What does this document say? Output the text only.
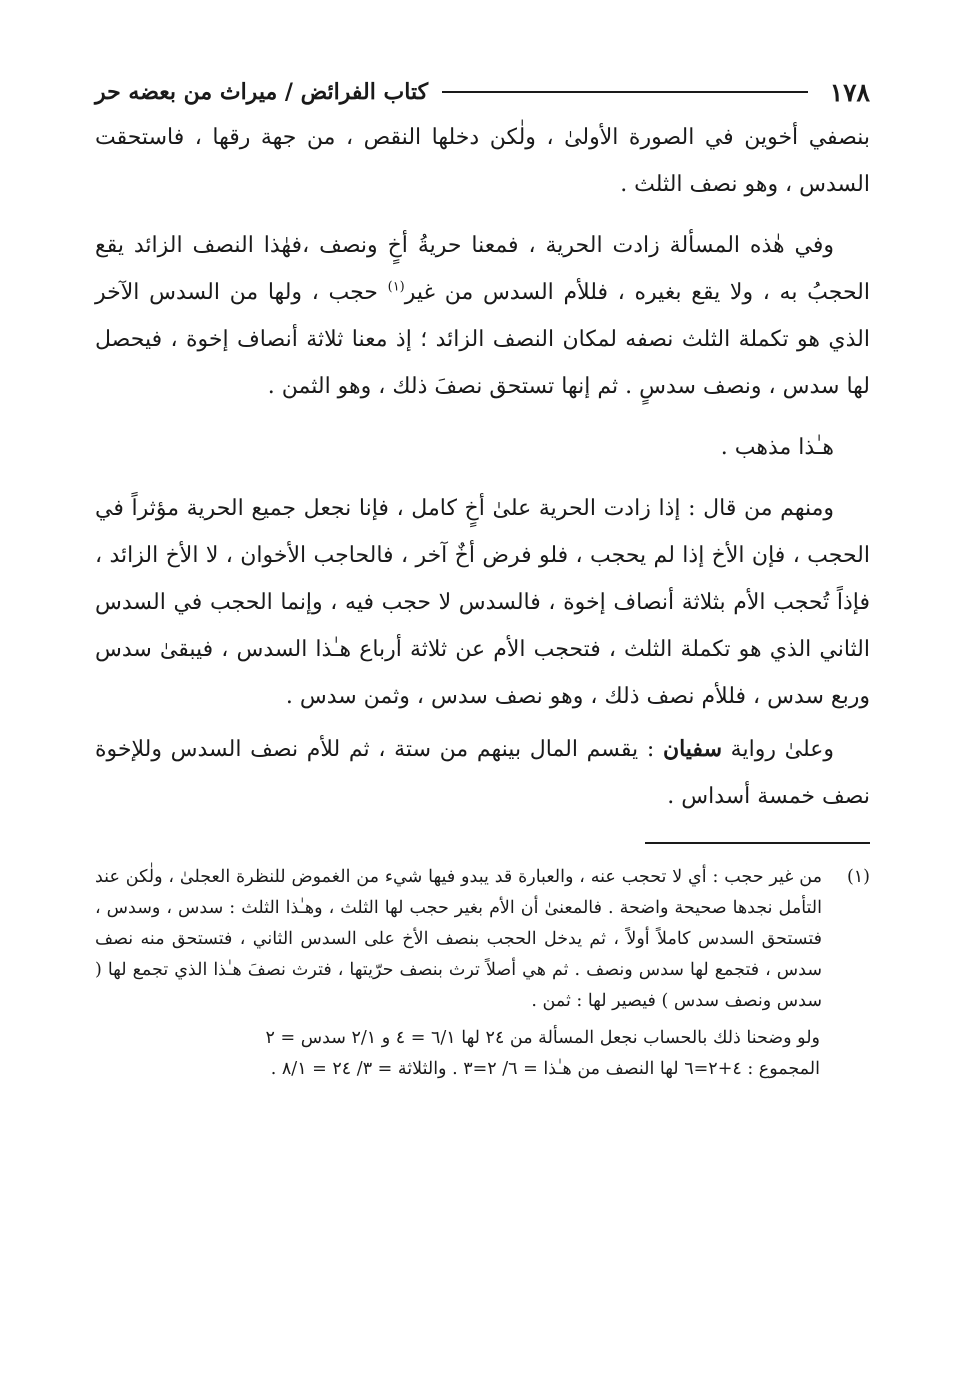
١٧٨
كتاب الفرائض / ميراث من بعضه حر

بنصفي أخوين في الصورة الأولىٰ ، ولٰكن دخلها النقص ، من جهة رقها ، فاستحقت السدس ، وهو نصف الثلث .

وفي هٰذه المسألة زادت الحرية ، فمعنا حريةُ أخٍ ونصف ،فهٰذا النصف الزائد يقع الحجبُ به ، ولا يقع بغيره ، فللأم السدس من غير$^{(١)}$ حجب ، ولها من السدس الآخر الذي هو تكملة الثلث نصفه لمكان النصف الزائد ؛ إذ معنا ثلاثة أنصاف إخوة ، فيحصل لها سدس ، ونصف سدسٍ . ثم إنها تستحق نصفَ ذلك ، وهو الثمن .

هـٰذا مذهب .

ومنهم من قال : إذا زادت الحرية علىٰ أخٍ كامل ، فإنا نجعل جميع الحرية مؤثراً في الحجب ، فإن الأخ إذا لم يحجب ، فلو فرض أخٌ آخر ، فالحاجب الأخوان ، لا الأخ الزائد ، فإذاً تُحجب الأم بثلاثة أنصاف إخوة ، فالسدس لا حجب فيه ، وإنما الحجب في السدس الثاني الذي هو تكملة الثلث ، فتحجب الأم عن ثلاثة أرباع هـٰذا السدس ، فيبقىٰ سدس وربع سدس ، فللأم نصف ذلك ، وهو نصف سدس ، وثمن سدس .

وعلىٰ رواية سفيان : يقسم المال بينهم من ستة ، ثم للأم نصف السدس وللإخوة نصف خمسة أسداس .

(١)
من غير حجب : أي لا تحجب عنه ، والعبارة قد يبدو فيها شيء من الغموض للنظرة العجلىٰ ، ولٰكن عند التأمل نجدها صحيحة واضحة . فالمعنىٰ أن الأم بغير حجب لها الثلث ، وهـٰذا الثلث : سدس ، وسدس ، فتستحق السدس كاملاً أولاً ، ثم يدخل الحجب بنصف الأخ على السدس الثاني ، فتستحق منه نصف سدس ، فتجمع لها سدس ونصف . ثم هي أصلاً ترث بنصف حرّيتها ، فترث نصفَ هـٰذا الذي تجمع لها ( سدس ونصف سدس ) فيصير لها : ثمن .

ولو وضحنا ذلك بالحساب نجعل المسألة من ٢٤ لها ٦/١ = ٤ و ٢/١ سدس = ٢

المجموع : ٤+٢=٦ لها النصف من هـٰذا = ٦/ ٢=٣ . والثلاثة = ٣/ ٢٤ = ٨/١ .
